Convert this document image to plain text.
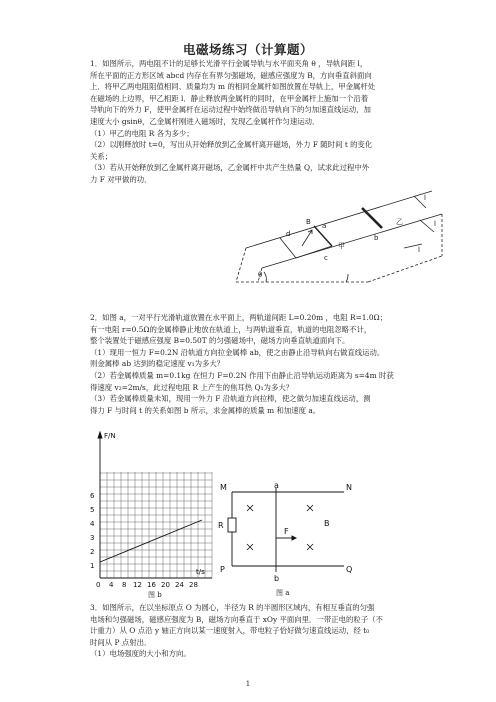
电磁场练习（计算题）

1．如图所示，两电阻不计的足够长光滑平行金属导轨与水平面夹角 θ ，导轨间距 l，

所在平面的正方形区域 abcd 内存在有界匀强磁场，磁感应强度为 B，方向垂直斜面向

上．将甲乙两电阻阻值相同、质量均为 m 的相同金属杆如图放置在导轨上，甲金属杆处

在磁场的上边界，甲乙相距 l．静止释放两金属杆的同时，在甲金属杆上施加一个沿着

导轨向下的外力 F，使甲金属杆在运动过程中始终做沿导轨向下的匀加速直线运动，加

速度大小 gsinθ，乙金属杆刚进入磁场时，发现乙金属杆作匀速运动．

（1）甲乙的电阻 R 各为多少；

（2）以刚释放时 t=0，写出从开始释放到乙金属杆离开磁场，外力 F 随时间 t 的变化

关系；

（3）若从开始释放到乙金属杆离开磁场，乙金属杆中共产生热量 Q，试求此过程中外

力 F 对甲做的功．

B a
b
d
c
甲
乙
θ
l
l
l

2．如图 a，一对平行光滑轨道放置在水平面上，两轨道间距 L=0.20m ，电阻 R=1.0Ω；

有一电阻 r=0.5Ω的金属棒静止地放在轨道上，与两轨道垂直，轨道的电阻忽略不计，

整个装置处于磁感应强度 B=0.50T 的匀强磁场中，磁场方向垂直轨道面向下。

（1）现用一恒力 F=0.2N 沿轨道方向拉金属棒 ab，使之由静止沿导轨向右做直线运动。

则金属棒 ab 达到的稳定速度 v₁为多大？

（2）若金属棒质量 m=0.1kg 在恒力 F=0.2N 作用下由静止沿导轨运动距离为 s=4m 时获

得速度 v₂=2m/s，此过程电阻 R 上产生的焦耳热 Q₁为多大？

（3）若金属棒质量未知，现用一外力 F 沿轨道方向拉棒，使之做匀加速直线运动，测

得力 F 与时间 t 的关系如图 b 所示，求金属棒的质量 m 和加速度 a。

F/N
t/s
1
2
3
4
5
6
0 4 8 12 16 20 24 28
图 b
M	a	N
B
R
F
P
b
Q
图 a

3．如图所示，在以坐标原点 O 为圆心，半径为 R 的半圆形区域内，有相互垂直的匀强

电场和匀强磁场，磁感应强度为 B，磁场方向垂直于 xOy 平面向里．一带正电的粒子（不

计重力）从 O 点沿 y 轴正方向以某一速度射入，带电粒子恰好做匀速直线运动，经 t₀

时间从 P 点射出．

（1）电场强度的大小和方向。

1
